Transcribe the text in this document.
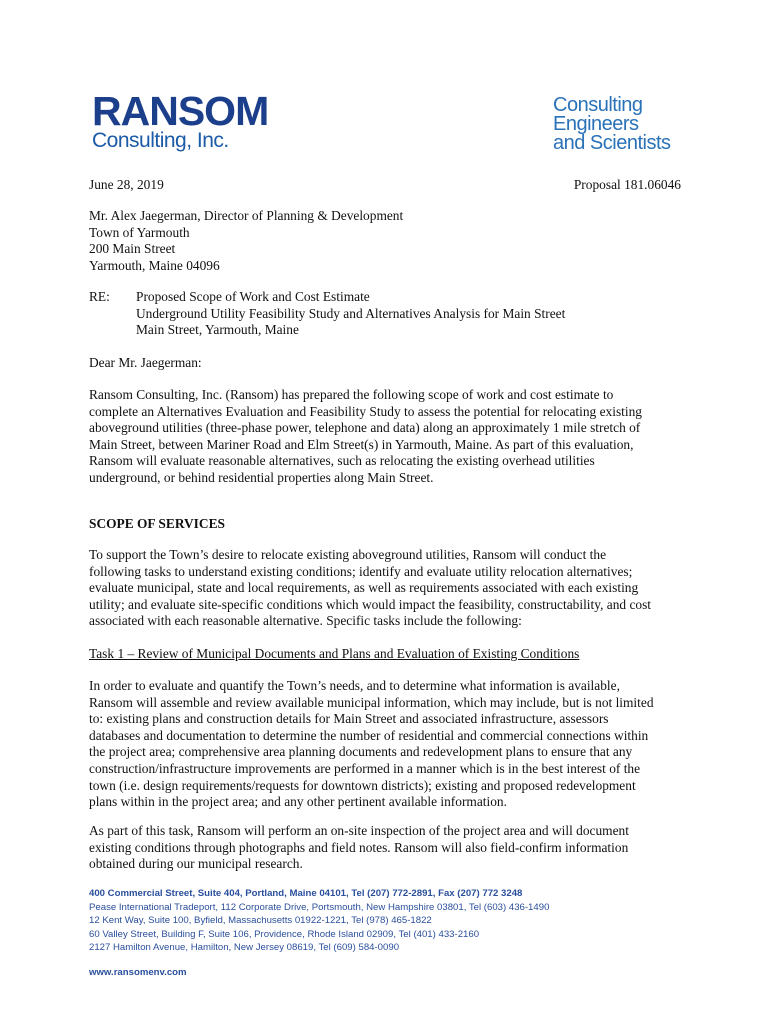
RANSOM
Consulting, Inc.
Consulting
Engineers
and Scientists
June 28, 2019	Proposal 181.06046
Mr. Alex Jaegerman, Director of Planning & Development
Town of Yarmouth
200 Main Street
Yarmouth, Maine 04096
RE: Proposed Scope of Work and Cost Estimate
Underground Utility Feasibility Study and Alternatives Analysis for Main Street
Main Street, Yarmouth, Maine
Dear Mr. Jaegerman:
Ransom Consulting, Inc. (Ransom) has prepared the following scope of work and cost estimate to
complete an Alternatives Evaluation and Feasibility Study to assess the potential for relocating existing
aboveground utilities (three-phase power, telephone and data) along an approximately 1 mile stretch of
Main Street, between Mariner Road and Elm Street(s) in Yarmouth, Maine. As part of this evaluation,
Ransom will evaluate reasonable alternatives, such as relocating the existing overhead utilities
underground, or behind residential properties along Main Street.
SCOPE OF SERVICES
To support the Town’s desire to relocate existing aboveground utilities, Ransom will conduct the
following tasks to understand existing conditions; identify and evaluate utility relocation alternatives;
evaluate municipal, state and local requirements, as well as requirements associated with each existing
utility; and evaluate site-specific conditions which would impact the feasibility, constructability, and cost
associated with each reasonable alternative. Specific tasks include the following:
Task 1 – Review of Municipal Documents and Plans and Evaluation of Existing Conditions
In order to evaluate and quantify the Town’s needs, and to determine what information is available,
Ransom will assemble and review available municipal information, which may include, but is not limited
to: existing plans and construction details for Main Street and associated infrastructure, assessors
databases and documentation to determine the number of residential and commercial connections within
the project area; comprehensive area planning documents and redevelopment plans to ensure that any
construction/infrastructure improvements are performed in a manner which is in the best interest of the
town (i.e. design requirements/requests for downtown districts); existing and proposed redevelopment
plans within in the project area; and any other pertinent available information.
As part of this task, Ransom will perform an on-site inspection of the project area and will document
existing conditions through photographs and field notes. Ransom will also field-confirm information
obtained during our municipal research.
400 Commercial Street, Suite 404, Portland, Maine 04101, Tel (207) 772-2891, Fax (207) 772 3248
Pease International Tradeport, 112 Corporate Drive, Portsmouth, New Hampshire 03801, Tel (603) 436-1490
12 Kent Way, Suite 100, Byfield, Massachusetts 01922-1221, Tel (978) 465-1822
60 Valley Street, Building F, Suite 106, Providence, Rhode Island 02909, Tel (401) 433-2160
2127 Hamilton Avenue, Hamilton, New Jersey 08619, Tel (609) 584-0090
www.ransomenv.com
